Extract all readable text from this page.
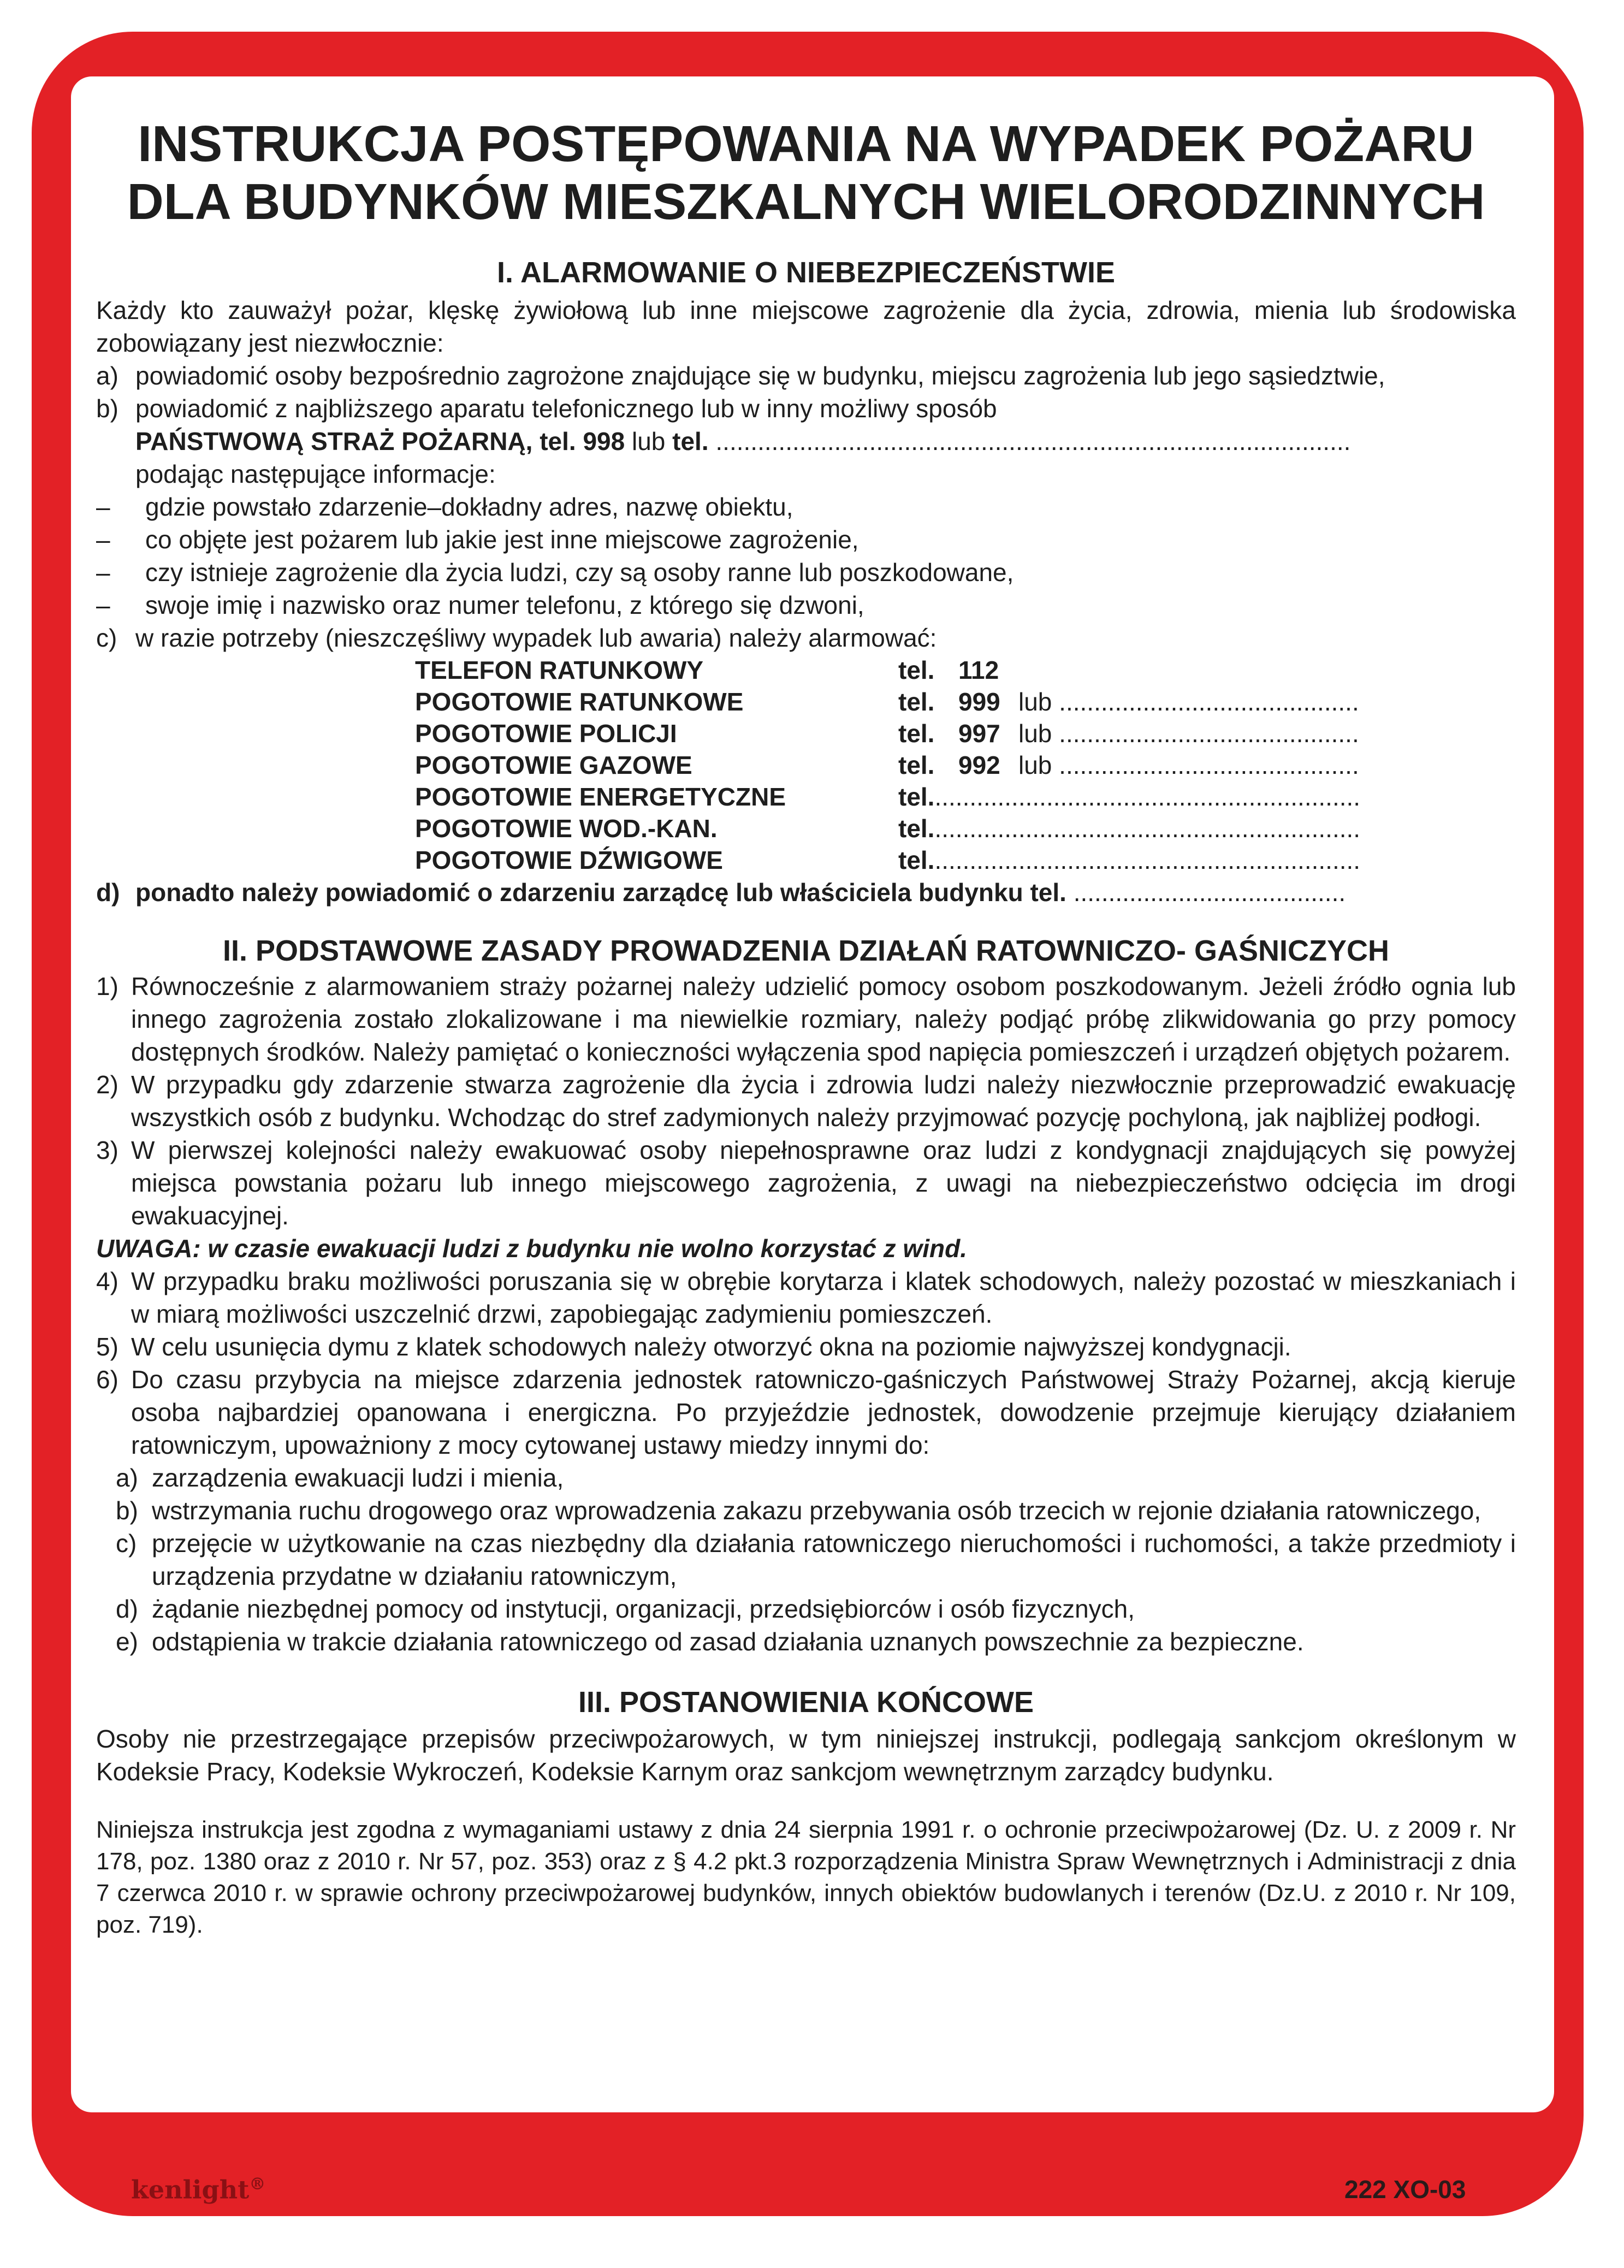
INSTRUKCJA POSTĘPOWANIA NA WYPADEK POŻARU
DLA BUDYNKÓW MIESZKALNYCH WIELORODZINNYCH
I. ALARMOWANIE O NIEBEZPIECZEŃSTWIE

Każdy kto zauważył pożar, klęskę żywiołową lub inne miejscowe zagrożenie dla życia, zdrowia, mienia lub środowiska zobowiązany jest niezwłocznie:

a) powiadomić osoby bezpośrednio zagrożone znajdujące się w budynku, miejscu zagrożenia lub jego sąsiedztwie,
b) powiadomić z najbliższego aparatu telefonicznego lub w inny możliwy sposób

PAŃSTWOWĄ STRAŻ POŻARNĄ, tel. 998 lub tel. ...........................................................................................

podając następujące informacje:

–	gdzie powstało zdarzenie–dokładny adres, nazwę obiektu,
–	co objęte jest pożarem lub jakie jest inne miejscowe zagrożenie,
–	czy istnieje zagrożenie dla życia ludzi, czy są osoby ranne lub poszkodowane,
–	swoje imię i nazwisko oraz numer telefonu, z którego się dzwoni,
c) w razie potrzeby (nieszczęśliwy wypadek lub awaria) należy alarmować:
TELEFON RATUNKOWY	tel. 112
POGOTOWIE RATUNKOWE	tel. 999 lub ...........................................
POGOTOWIE POLICJI	tel. 997 lub ...........................................
POGOTOWIE GAZOWE	tel. 992 lub ...........................................
POGOTOWIE ENERGETYCZNE	tel. .............................................................
POGOTOWIE WOD.-KAN.	tel. .............................................................
POGOTOWIE DŹWIGOWE	tel. .............................................................
d) ponadto należy powiadomić o zdarzeniu zarządcę lub właściciela budynku tel. .......................................
II. PODSTAWOWE ZASADY PROWADZENIA DZIAŁAŃ RATOWNICZO- GAŚNICZYCH
1) Równocześnie z alarmowaniem straży pożarnej należy udzielić pomocy osobom poszkodowanym. Jeżeli źródło ognia lub innego zagrożenia zostało zlokalizowane i ma niewielkie rozmiary, należy podjąć próbę zlikwidowania go przy pomocy dostępnych środków. Należy pamiętać o konieczności wyłączenia spod napięcia pomieszczeń i urządzeń objętych pożarem.
2) W przypadku gdy zdarzenie stwarza zagrożenie dla życia i zdrowia ludzi należy niezwłocznie przeprowadzić ewakuację wszystkich osób z budynku. Wchodząc do stref zadymionych należy przyjmować pozycję pochyloną, jak najbliżej podłogi.
3) W pierwszej kolejności należy ewakuować osoby niepełnosprawne oraz ludzi z kondygnacji znajdujących się powyżej miejsca powstania pożaru lub innego miejscowego zagrożenia, z uwagi na niebezpieczeństwo odcięcia im drogi ewakuacyjnej.

UWAGA: w czasie ewakuacji ludzi z budynku nie wolno korzystać z wind.

4) W przypadku braku możliwości poruszania się w obrębie korytarza i klatek schodowych, należy pozostać w mieszkaniach i w miarą możliwości uszczelnić drzwi, zapobiegając zadymieniu pomieszczeń.
5) W celu usunięcia dymu z klatek schodowych należy otworzyć okna na poziomie najwyższej kondygnacji.
6) Do czasu przybycia na miejsce zdarzenia jednostek ratowniczo-gaśniczych Państwowej Straży Pożarnej, akcją kieruje osoba najbardziej opanowana i energiczna. Po przyjeździe jednostek, dowodzenie przejmuje kierujący działaniem ratowniczym, upoważniony z mocy cytowanej ustawy miedzy innymi do:
a) zarządzenia ewakuacji ludzi i mienia,
b) wstrzymania ruchu drogowego oraz wprowadzenia zakazu przebywania osób trzecich w rejonie działania ratowniczego,
c) przejęcie w użytkowanie na czas niezbędny dla działania ratowniczego nieruchomości i ruchomości, a także przedmioty i urządzenia przydatne w działaniu ratowniczym,
d) żądanie niezbędnej pomocy od instytucji, organizacji, przedsiębiorców i osób fizycznych,
e) odstąpienia w trakcie działania ratowniczego od zasad działania uznanych powszechnie za bezpieczne.
III. POSTANOWIENIA KOŃCOWE

Osoby nie przestrzegające przepisów przeciwpożarowych, w tym niniejszej instrukcji, podlegają sankcjom określonym w Kodeksie Pracy, Kodeksie Wykroczeń, Kodeksie Karnym oraz sankcjom wewnętrznym zarządcy budynku.

Niniejsza instrukcja jest zgodna z wymaganiami ustawy z dnia 24 sierpnia 1991 r. o ochronie przeciwpożarowej (Dz. U. z 2009 r. Nr 178, poz. 1380 oraz z 2010 r. Nr 57, poz. 353) oraz z § 4.2 pkt.3 rozporządzenia Ministra Spraw Wewnętrznych i Administracji z dnia 7 czerwca 2010 r. w sprawie ochrony przeciwpożarowej budynków, innych obiektów budowlanych i terenów (Dz.U. z 2010 r. Nr 109, poz. 719).

kenlight®	222 XO-03
